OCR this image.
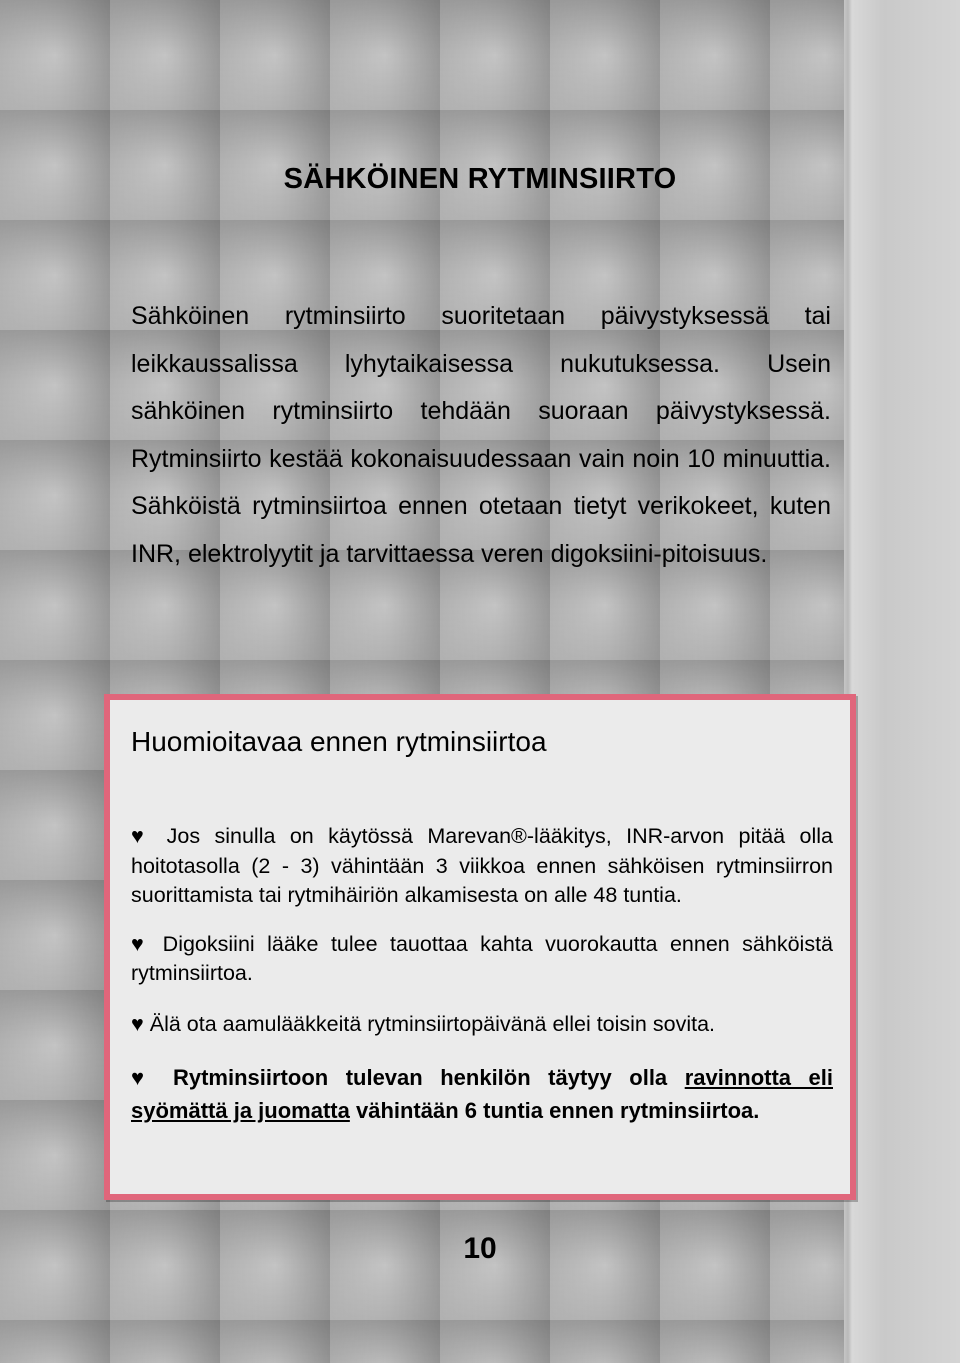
SÄHKÖINEN RYTMINSIIRTO

Sähköinen rytminsiirto suoritetaan päivystyksessä tai leikkaussalissa lyhytaikaisessa nukutuksessa. Usein sähköinen rytminsiirto tehdään suoraan päivystyksessä. Rytminsiirto kestää kokonaisuudessaan vain noin 10 minuuttia. Sähköistä rytminsiirtoa ennen otetaan tietyt verikokeet, kuten INR, elektrolyytit ja tarvittaessa veren digoksiini-pitoisuus.

Huomioitavaa ennen rytminsiirtoa

♥ Jos sinulla on käytössä Marevan®-lääkitys, INR-arvon pitää olla hoitotasolla (2 - 3) vähintään 3 viikkoa ennen sähköisen rytminsiirron suorittamista tai rytmihäiriön alkamisesta on alle 48 tuntia.

♥ Digoksiini lääke tulee tauottaa kahta vuorokautta ennen sähköistä rytminsiirtoa.

♥ Älä ota aamulääkkeitä rytminsiirtopäivänä ellei toisin sovita.

♥ Rytminsiirtoon tulevan henkilön täytyy olla ravinnotta eli syömättä ja juomatta vähintään 6 tuntia ennen rytminsiirtoa.

10
